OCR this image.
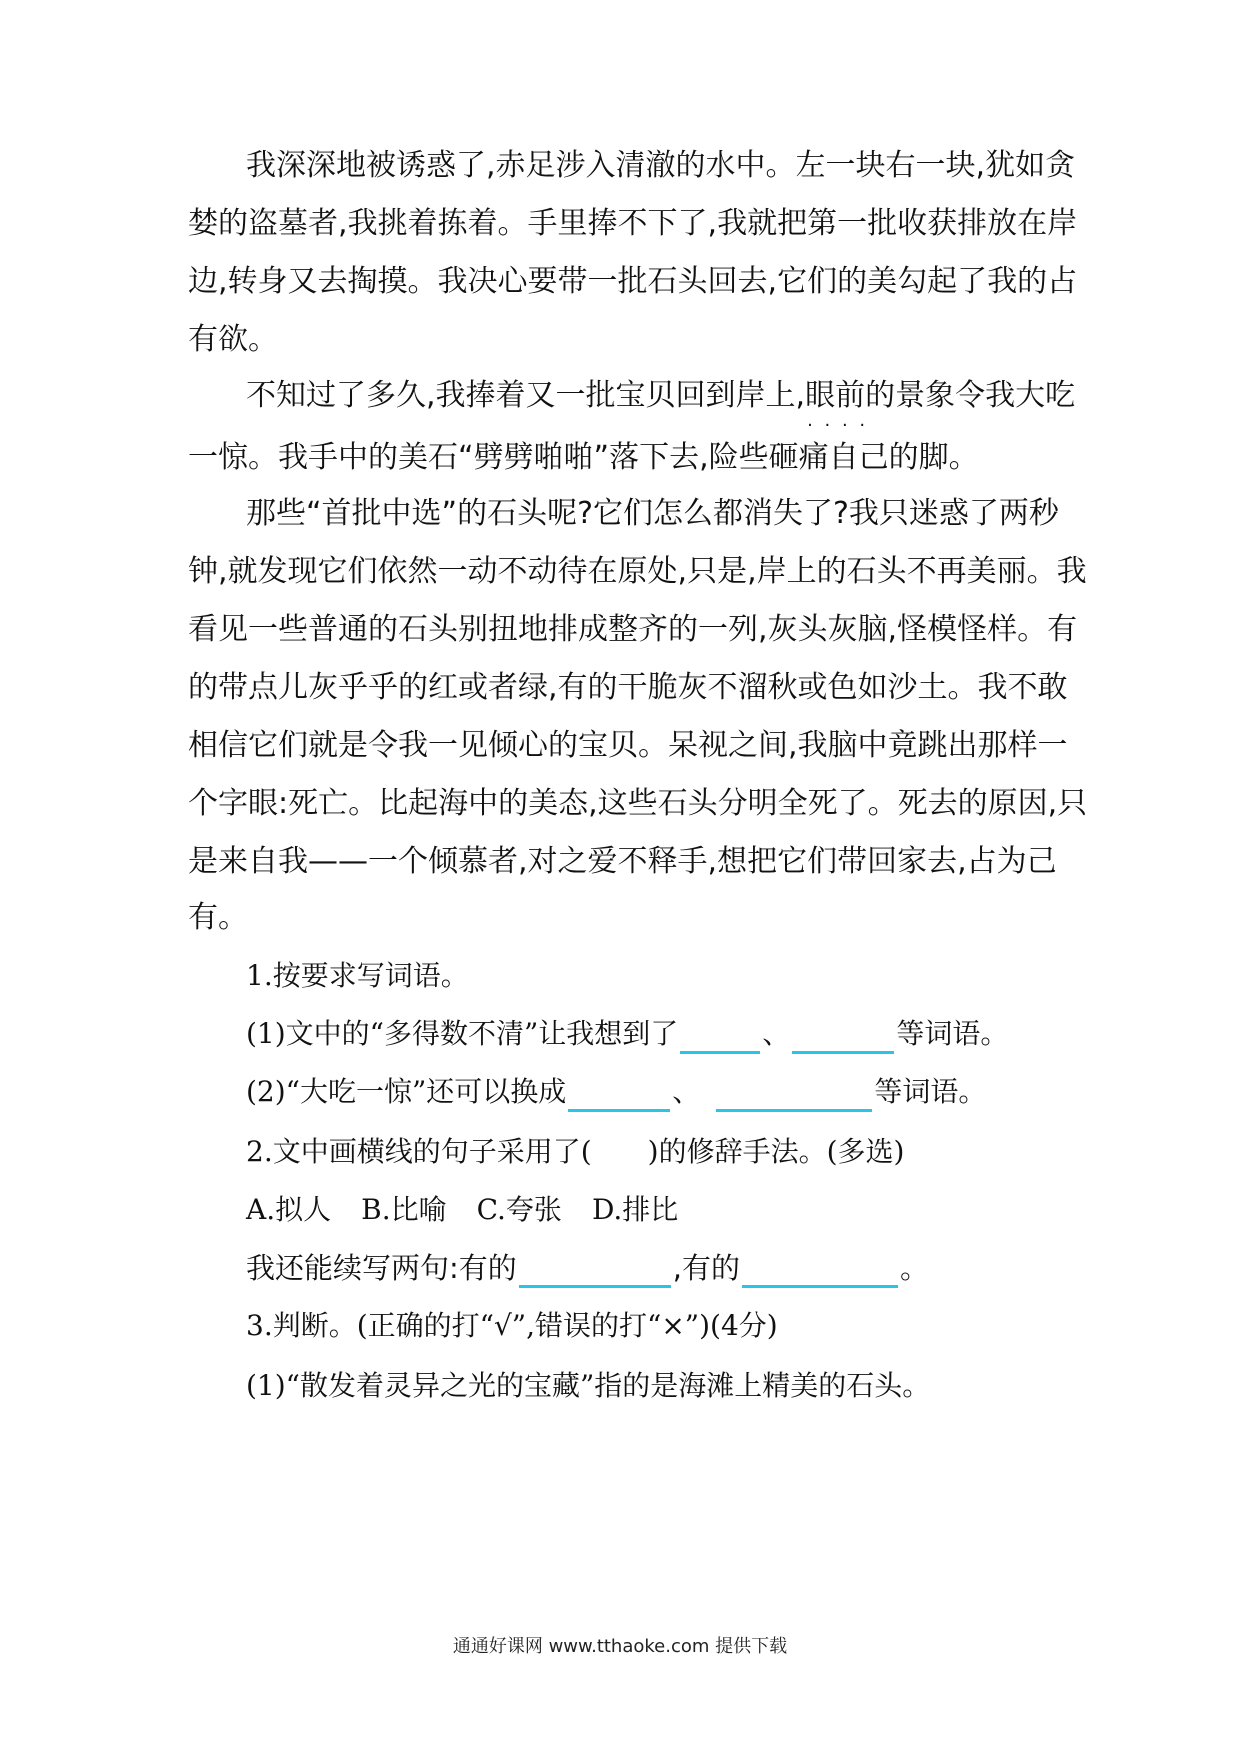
我深深地被诱惑了,赤足涉入清澈的水中。左一块右一块,犹如贪
婪的盗墓者,我挑着拣着。手里捧不下了,我就把第一批收获排放在岸
边,转身又去掏摸。我决心要带一批石头回去,它们的美勾起了我的占
有欲。
不知过了多久,我捧着又一批宝贝回到岸上,眼前的景象 · · · ·令我大吃
一惊。我手中的美石“劈劈啪啪”落下去,险些砸痛自己的脚。
那些“首批中选”的石头呢?它们怎么都消失了?我只迷惑了两秒
钟,就发现它们依然一动不动待在原处,只是,岸上的石头不再美丽。我
看见一些普通的石头别扭地排成整齐的一列,灰头灰脑,怪模怪样。有
的带点儿灰乎乎的红或者绿,有的干脆灰不溜秋或色如沙土。我不敢
相信它们就是令我一见倾心的宝贝。呆视之间,我脑中竟跳出那样一
个字眼:死亡。比起海中的美态,这些石头分明全死了。死去的原因,只
是来自我——一个倾慕者,对之爱不释手,想把它们带回家去,占为己
有。
1.按要求写词语。
(1)文中的“多得数不清”让我想到了	、	等词语。
(2)“大吃一惊”还可以换成	、	等词语。
2.文中画横线的句子采用了( )的修辞手法。(多选)
A.拟人 B.比喻 C.夸张 D.排比
我还能续写两句:有的	,有的	。
3.判断。(正确的打“√”,错误的打“×”)(4分)
(1)“散发着灵异之光的宝藏”指的是海滩上精美的石头。
通通好课网 www.tthaoke.com 提供下载
